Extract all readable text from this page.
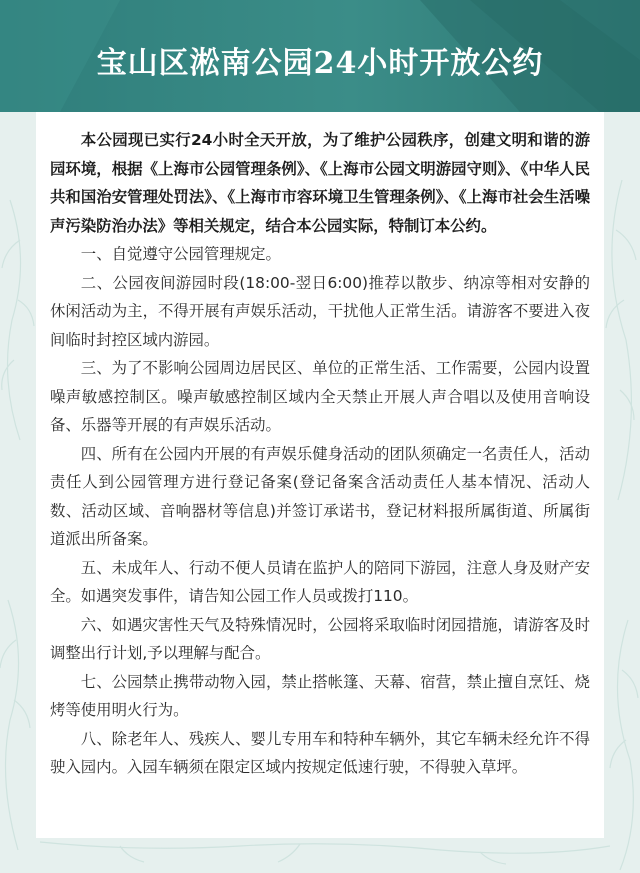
宝山区淞南公园24小时开放公约

本公园现已实行24小时全天开放，为了维护公园秩序，创建文明和谐的游园环境，根据《上海市公园管理条例》、《上海市公园文明游园守则》、《中华人民共和国治安管理处罚法》、《上海市市容环境卫生管理条例》、《上海市社会生活噪声污染防治办法》等相关规定，结合本公园实际，特制订本公约。

一、自觉遵守公园管理规定。

二、公园夜间游园时段(18:00-翌日6:00)推荐以散步、纳凉等相对安静的休闲活动为主，不得开展有声娱乐活动，干扰他人正常生活。请游客不要进入夜间临时封控区域内游园。

三、为了不影响公园周边居民区、单位的正常生活、工作需要，公园内设置噪声敏感控制区。噪声敏感控制区域内全天禁止开展人声合唱以及使用音响设备、乐器等开展的有声娱乐活动。

四、所有在公园内开展的有声娱乐健身活动的团队须确定一名责任人，活动责任人到公园管理方进行登记备案(登记备案含活动责任人基本情况、活动人数、活动区域、音响器材等信息)并签订承诺书，登记材料报所属街道、所属街道派出所备案。

五、未成年人、行动不便人员请在监护人的陪同下游园，注意人身及财产安全。如遇突发事件，请告知公园工作人员或拨打110。

六、如遇灾害性天气及特殊情况时，公园将采取临时闭园措施，请游客及时调整出行计划,予以理解与配合。

七、公园禁止携带动物入园，禁止搭帐篷、天幕、宿营，禁止擅自烹饪、烧烤等使用明火行为。

八、除老年人、残疾人、婴儿专用车和特种车辆外，其它车辆未经允许不得驶入园内。入园车辆须在限定区域内按规定低速行驶，不得驶入草坪。
